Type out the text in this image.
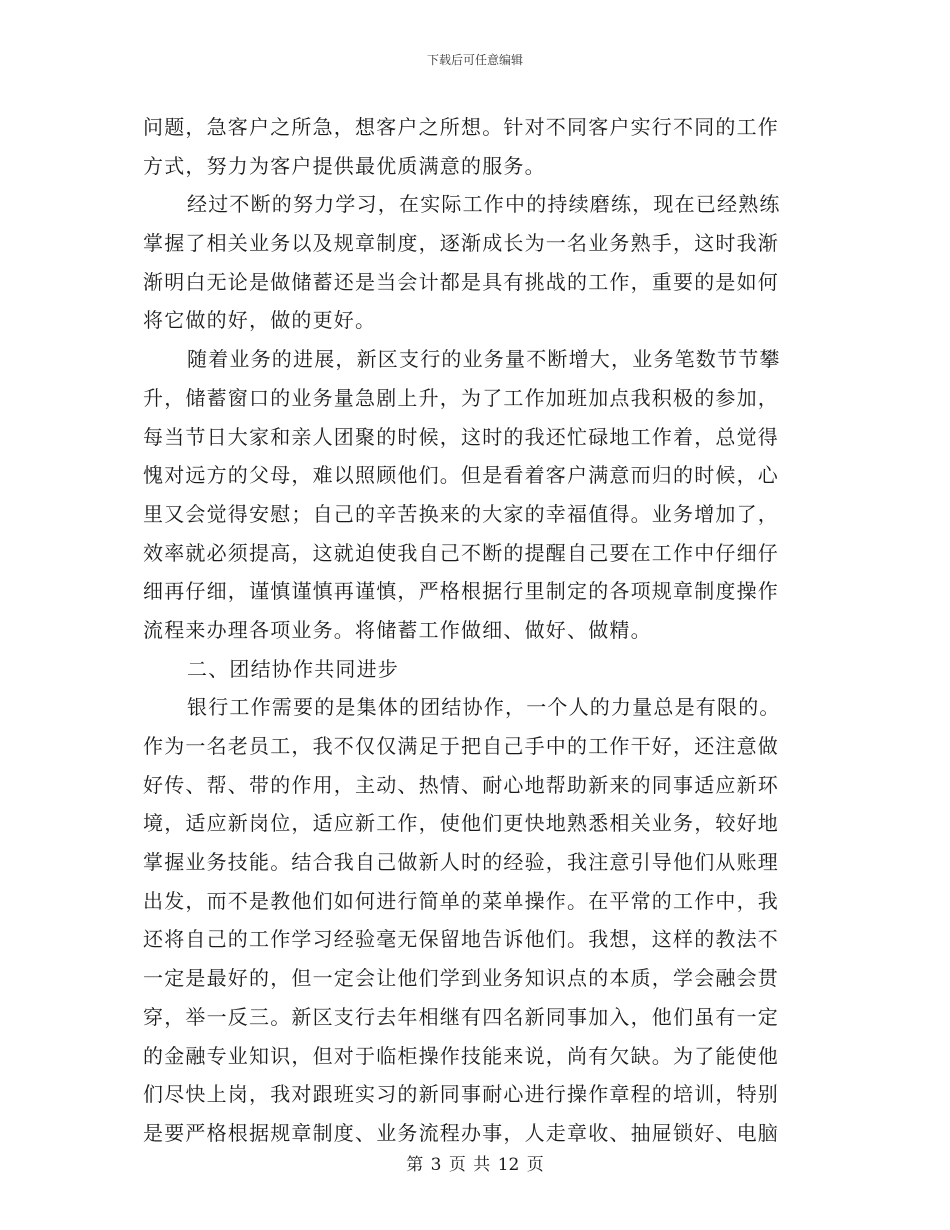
下载后可任意编辑
问题，急客户之所急，想客户之所想。针对不同客户实行不同的工作
方式，努力为客户提供最优质满意的服务。
经过不断的努力学习，在实际工作中的持续磨练，现在已经熟练
掌握了相关业务以及规章制度，逐渐成长为一名业务熟手，这时我渐
渐明白无论是做储蓄还是当会计都是具有挑战的工作，重要的是如何
将它做的好，做的更好。
随着业务的进展，新区支行的业务量不断增大，业务笔数节节攀
升，储蓄窗口的业务量急剧上升，为了工作加班加点我积极的参加，
每当节日大家和亲人团聚的时候，这时的我还忙碌地工作着，总觉得
愧对远方的父母，难以照顾他们。但是看着客户满意而归的时候，心
里又会觉得安慰；自己的辛苦换来的大家的幸福值得。业务增加了，
效率就必须提高，这就迫使我自己不断的提醒自己要在工作中仔细仔
细再仔细，谨慎谨慎再谨慎，严格根据行里制定的各项规章制度操作
流程来办理各项业务。将储蓄工作做细、做好、做精。
二、团结协作共同进步
银行工作需要的是集体的团结协作，一个人的力量总是有限的。
作为一名老员工，我不仅仅满足于把自己手中的工作干好，还注意做
好传、帮、带的作用，主动、热情、耐心地帮助新来的同事适应新环
境，适应新岗位，适应新工作，使他们更快地熟悉相关业务，较好地
掌握业务技能。结合我自己做新人时的经验，我注意引导他们从账理
出发，而不是教他们如何进行简单的菜单操作。在平常的工作中，我
还将自己的工作学习经验毫无保留地告诉他们。我想，这样的教法不
一定是最好的，但一定会让他们学到业务知识点的本质，学会融会贯
穿，举一反三。新区支行去年相继有四名新同事加入，他们虽有一定
的金融专业知识，但对于临柜操作技能来说，尚有欠缺。为了能使他
们尽快上岗，我对跟班实习的新同事耐心进行操作章程的培训，特别
是要严格根据规章制度、业务流程办事，人走章收、抽屉锁好、电脑
第 3 页 共 12 页
